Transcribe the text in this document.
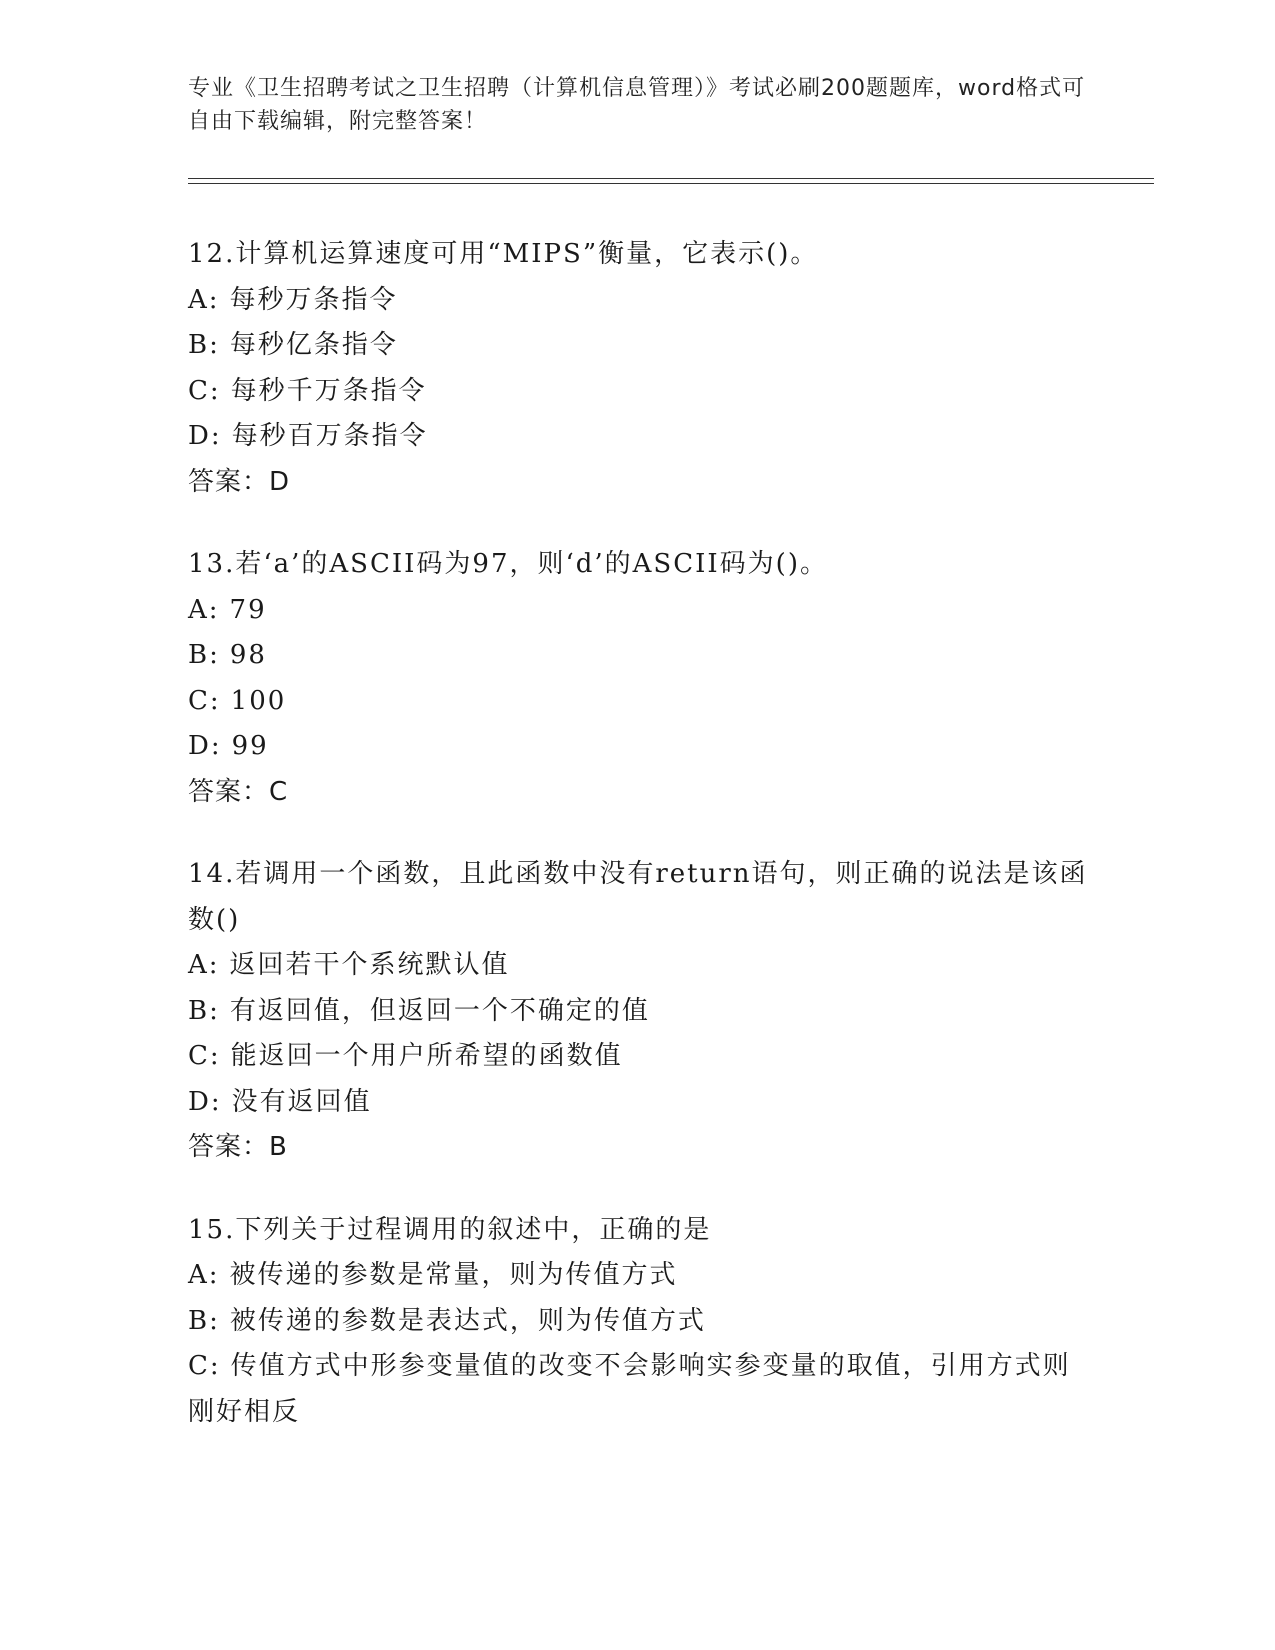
专业《卫生招聘考试之卫生招聘（计算机信息管理）》考试必刷200题题库，word格式可自由下载编辑，附完整答案！
12.计算机运算速度可用“MIPS”衡量，它表示()。
A: 每秒万条指令
B: 每秒亿条指令
C: 每秒千万条指令
D: 每秒百万条指令
答案：D
13.若‘a’的ASCII码为97，则‘d’的ASCII码为()。
A: 79
B: 98
C: 100
D: 99
答案：C
14.若调用一个函数，且此函数中没有return语句，则正确的说法是该函数()
A: 返回若干个系统默认值
B: 有返回值，但返回一个不确定的值
C: 能返回一个用户所希望的函数值
D: 没有返回值
答案：B
15.下列关于过程调用的叙述中，正确的是
A: 被传递的参数是常量，则为传值方式
B: 被传递的参数是表达式，则为传值方式
C: 传值方式中形参变量值的改变不会影响实参变量的取值，引用方式则刚好相反
